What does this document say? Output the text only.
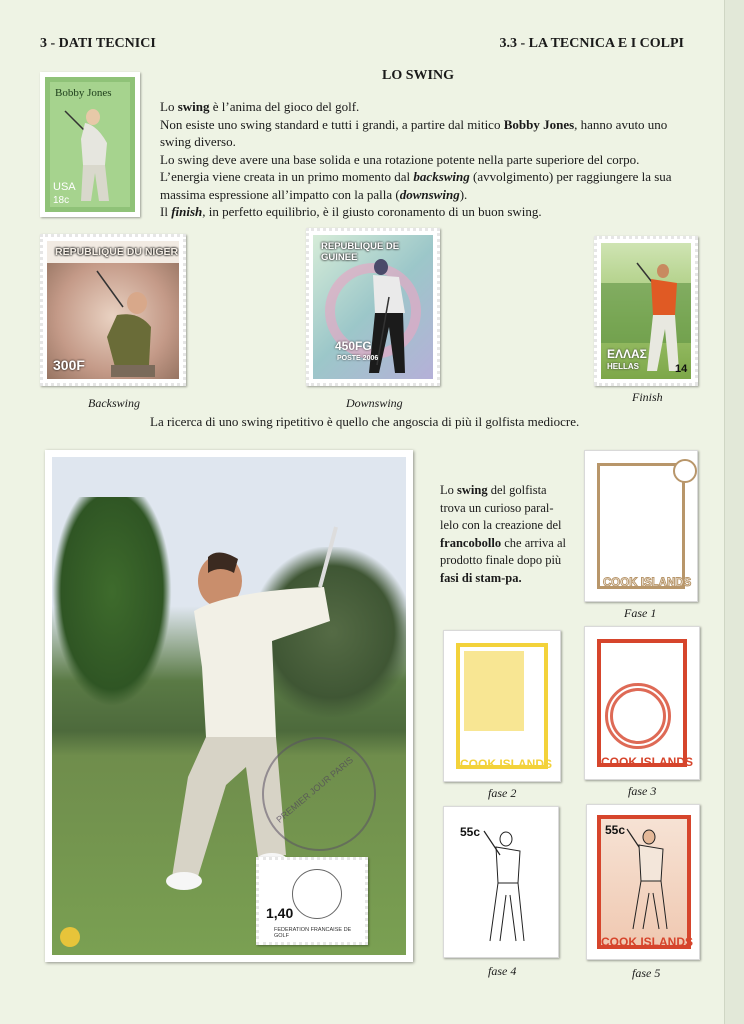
3 - DATI TECNICI	3.3 - LA TECNICA E I COLPI
LO SWING
Bobby Jones
USA
18c

Lo swing è l’anima del gioco del golf.

Non esiste uno swing standard e tutti i grandi, a partire dal mitico Bobby Jones, hanno avuto uno swing diverso.

Lo swing deve avere una base solida e una rotazione potente nella parte superiore del corpo.

L’energia viene creata in un primo momento dal backswing (avvolgimento) per raggiungere la sua massima espressione all’impatto con la palla (downswing).

Il finish, in perfetto equilibrio, è il giusto coronamento di un buon swing.

REPUBLIQUE DU NIGER
300F
Backswing
REPUBLIQUE DE GUINEE
450FG
POSTE 2006
Downswing
ΕΛΛΑΣ
HELLAS	14
Finish
La ricerca di uno swing ripetitivo è quello che angoscia di più il golfista mediocre.
PREMIER JOUR PARIS
1,40
FEDERATION FRANCAISE DE GOLF
Lo swing del golfista trova un curioso paral-lelo con la creazione del francobollo che arriva al prodotto finale dopo più fasi di stam-pa.	COOK ISLANDS
Fase 1
COOK ISLANDS
fase 2
COOK ISLANDS
fase 3
55c
fase 4
55c
COOK ISLANDS
fase 5
